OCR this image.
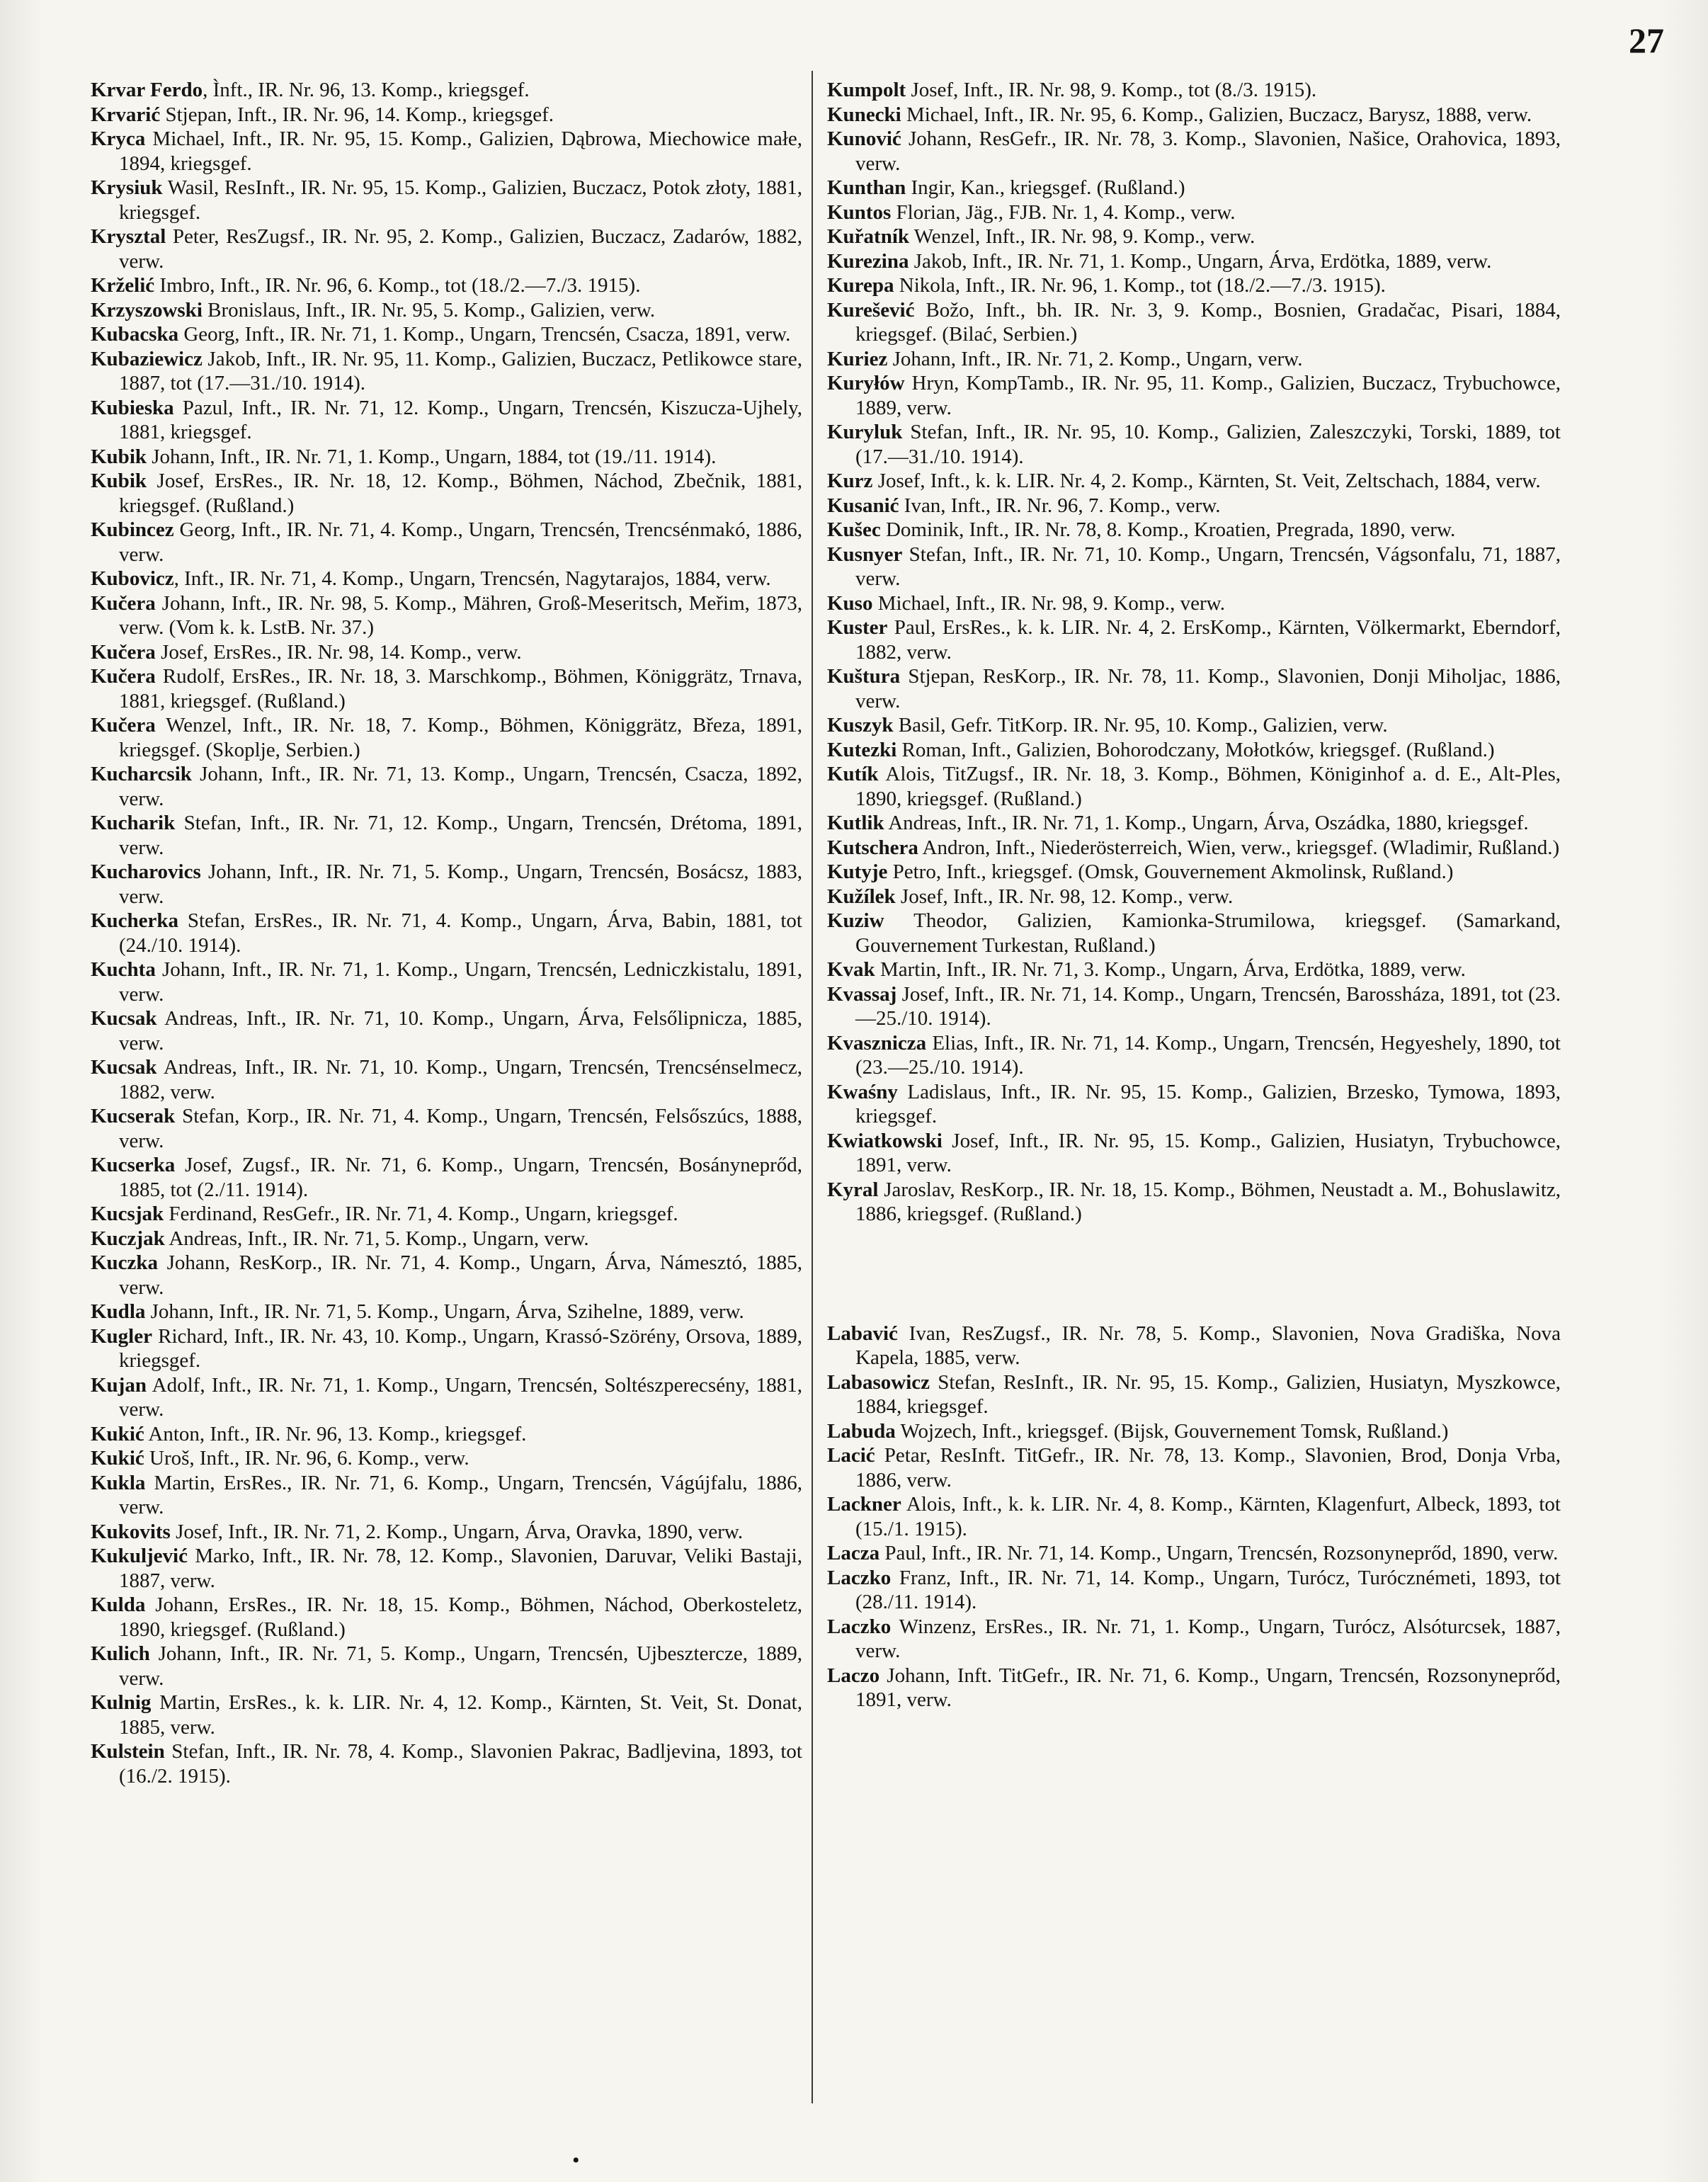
27
Krvar Ferdo, Ìnft., IR. Nr. 96, 13. Komp., kriegsgef.
Krvarić Stjepan, Inft., IR. Nr. 96, 14. Komp., kriegsgef.
Kryca Michael, Inft., IR. Nr. 95, 15. Komp., Galizien, Dąbrowa, Miechowice małe, 1894, kriegsgef.
Krysiuk Wasil, ResInft., IR. Nr. 95, 15. Komp., Galizien, Buczacz, Potok złoty, 1881, kriegsgef.
Krysztal Peter, ResZugsf., IR. Nr. 95, 2. Komp., Galizien, Buczacz, Zadarów, 1882, verw.
Krželić Imbro, Inft., IR. Nr. 96, 6. Komp., tot (18./2.—7./3. 1915).
Krzyszowski Bronislaus, Inft., IR. Nr. 95, 5. Komp., Galizien, verw.
Kubacska Georg, Inft., IR. Nr. 71, 1. Komp., Ungarn, Trencsén, Csacza, 1891, verw.
Kubaziewicz Jakob, Inft., IR. Nr. 95, 11. Komp., Galizien, Buczacz, Petlikowce stare, 1887, tot (17.—31./10. 1914).
Kubieska Pazul, Inft., IR. Nr. 71, 12. Komp., Ungarn, Trencsén, Kiszucza-Ujhely, 1881, kriegsgef.
Kubik Johann, Inft., IR. Nr. 71, 1. Komp., Ungarn, 1884, tot (19./11. 1914).
Kubik Josef, ErsRes., IR. Nr. 18, 12. Komp., Böhmen, Náchod, Zbečnik, 1881, kriegsgef. (Rußland.)
Kubincez Georg, Inft., IR. Nr. 71, 4. Komp., Ungarn, Trencsén, Trencsénmakó, 1886, verw.
Kubovicz, Inft., IR. Nr. 71, 4. Komp., Ungarn, Trencsén, Nagytarajos, 1884, verw.
Kučera Johann, Inft., IR. Nr. 98, 5. Komp., Mähren, Groß-Meseritsch, Meřim, 1873, verw. (Vom k. k. LstB. Nr. 37.)
Kučera Josef, ErsRes., IR. Nr. 98, 14. Komp., verw.
Kučera Rudolf, ErsRes., IR. Nr. 18, 3. Marschkomp., Böhmen, Königgrätz, Trnava, 1881, kriegsgef. (Rußland.)
Kučera Wenzel, Inft., IR. Nr. 18, 7. Komp., Böhmen, Königgrätz, Březa, 1891, kriegsgef. (Skoplje, Serbien.)
Kucharcsik Johann, Inft., IR. Nr. 71, 13. Komp., Ungarn, Trencsén, Csacza, 1892, verw.
Kucharik Stefan, Inft., IR. Nr. 71, 12. Komp., Ungarn, Trencsén, Drétoma, 1891, verw.
Kucharovics Johann, Inft., IR. Nr. 71, 5. Komp., Ungarn, Trencsén, Bosácsz, 1883, verw.
Kucherka Stefan, ErsRes., IR. Nr. 71, 4. Komp., Ungarn, Árva, Babin, 1881, tot (24./10. 1914).
Kuchta Johann, Inft., IR. Nr. 71, 1. Komp., Ungarn, Trencsén, Ledniczkistalu, 1891, verw.
Kucsak Andreas, Inft., IR. Nr. 71, 10. Komp., Ungarn, Árva, Felsőlipnicza, 1885, verw.
Kucsak Andreas, Inft., IR. Nr. 71, 10. Komp., Ungarn, Trencsén, Trencsénselmecz, 1882, verw.
Kucserak Stefan, Korp., IR. Nr. 71, 4. Komp., Ungarn, Trencsén, Felsőszúcs, 1888, verw.
Kucserka Josef, Zugsf., IR. Nr. 71, 6. Komp., Ungarn, Trencsén, Bosányneprőd, 1885, tot (2./11. 1914).
Kucsjak Ferdinand, ResGefr., IR. Nr. 71, 4. Komp., Ungarn, kriegsgef.
Kuczjak Andreas, Inft., IR. Nr. 71, 5. Komp., Ungarn, verw.
Kuczka Johann, ResKorp., IR. Nr. 71, 4. Komp., Ungarn, Árva, Námesztó, 1885, verw.
Kudla Johann, Inft., IR. Nr. 71, 5. Komp., Ungarn, Árva, Szihelne, 1889, verw.
Kugler Richard, Inft., IR. Nr. 43, 10. Komp., Ungarn, Krassó-Szörény, Orsova, 1889, kriegsgef.
Kujan Adolf, Inft., IR. Nr. 71, 1. Komp., Ungarn, Trencsén, Soltészperecsény, 1881, verw.
Kukić Anton, Inft., IR. Nr. 96, 13. Komp., kriegsgef.
Kukić Uroš, Inft., IR. Nr. 96, 6. Komp., verw.
Kukla Martin, ErsRes., IR. Nr. 71, 6. Komp., Ungarn, Trencsén, Vágújfalu, 1886, verw.
Kukovits Josef, Inft., IR. Nr. 71, 2. Komp., Ungarn, Árva, Oravka, 1890, verw.
Kukuljević Marko, Inft., IR. Nr. 78, 12. Komp., Slavonien, Daruvar, Veliki Bastaji, 1887, verw.
Kulda Johann, ErsRes., IR. Nr. 18, 15. Komp., Böhmen, Náchod, Oberkosteletz, 1890, kriegsgef. (Rußland.)
Kulich Johann, Inft., IR. Nr. 71, 5. Komp., Ungarn, Trencsén, Ujbesztercze, 1889, verw.
Kulnig Martin, ErsRes., k. k. LIR. Nr. 4, 12. Komp., Kärnten, St. Veit, St. Donat, 1885, verw.
Kulstein Stefan, Inft., IR. Nr. 78, 4. Komp., Slavonien Pakrac, Badljevina, 1893, tot (16./2. 1915).
Kumpolt Josef, Inft., IR. Nr. 98, 9. Komp., tot (8./3. 1915).
Kunecki Michael, Inft., IR. Nr. 95, 6. Komp., Galizien, Buczacz, Barysz, 1888, verw.
Kunović Johann, ResGefr., IR. Nr. 78, 3. Komp., Slavonien, Našice, Orahovica, 1893, verw.
Kunthan Ingir, Kan., kriegsgef. (Rußland.)
Kuntos Florian, Jäg., FJB. Nr. 1, 4. Komp., verw.
Kuřatník Wenzel, Inft., IR. Nr. 98, 9. Komp., verw.
Kurezina Jakob, Inft., IR. Nr. 71, 1. Komp., Ungarn, Árva, Erdötka, 1889, verw.
Kurepa Nikola, Inft., IR. Nr. 96, 1. Komp., tot (18./2.—7./3. 1915).
Kurešević Božo, Inft., bh. IR. Nr. 3, 9. Komp., Bosnien, Gradačac, Pisari, 1884, kriegsgef. (Bilać, Serbien.)
Kuriez Johann, Inft., IR. Nr. 71, 2. Komp., Ungarn, verw.
Kuryłów Hryn, KompTamb., IR. Nr. 95, 11. Komp., Galizien, Buczacz, Trybuchowce, 1889, verw.
Kuryluk Stefan, Inft., IR. Nr. 95, 10. Komp., Galizien, Zaleszczyki, Torski, 1889, tot (17.—31./10. 1914).
Kurz Josef, Inft., k. k. LIR. Nr. 4, 2. Komp., Kärnten, St. Veit, Zeltschach, 1884, verw.
Kusanić Ivan, Inft., IR. Nr. 96, 7. Komp., verw.
Kušec Dominik, Inft., IR. Nr. 78, 8. Komp., Kroatien, Pregrada, 1890, verw.
Kusnyer Stefan, Inft., IR. Nr. 71, 10. Komp., Ungarn, Trencsén, Vágsonfalu, 71, 1887, verw.
Kuso Michael, Inft., IR. Nr. 98, 9. Komp., verw.
Kuster Paul, ErsRes., k. k. LIR. Nr. 4, 2. ErsKomp., Kärnten, Völkermarkt, Eberndorf, 1882, verw.
Kuštura Stjepan, ResKorp., IR. Nr. 78, 11. Komp., Slavonien, Donji Miholjac, 1886, verw.
Kuszyk Basil, Gefr. TitKorp. IR. Nr. 95, 10. Komp., Galizien, verw.
Kutezki Roman, Inft., Galizien, Bohorodczany, Mołotków, kriegsgef. (Rußland.)
Kutík Alois, TitZugsf., IR. Nr. 18, 3. Komp., Böhmen, Königinhof a. d. E., Alt-Ples, 1890, kriegsgef. (Rußland.)
Kutlik Andreas, Inft., IR. Nr. 71, 1. Komp., Ungarn, Árva, Oszádka, 1880, kriegsgef.
Kutschera Andron, Inft., Niederösterreich, Wien, verw., kriegsgef. (Wladimir, Rußland.)
Kutyje Petro, Inft., kriegsgef. (Omsk, Gouvernement Akmolinsk, Rußland.)
Kužílek Josef, Inft., IR. Nr. 98, 12. Komp., verw.
Kuziw Theodor, Galizien, Kamionka-Strumilowa, kriegsgef. (Samarkand, Gouvernement Turkestan, Rußland.)
Kvak Martin, Inft., IR. Nr. 71, 3. Komp., Ungarn, Árva, Erdötka, 1889, verw.
Kvassaj Josef, Inft., IR. Nr. 71, 14. Komp., Ungarn, Trencsén, Barossháza, 1891, tot (23.—25./10. 1914).
Kvasznicza Elias, Inft., IR. Nr. 71, 14. Komp., Ungarn, Trencsén, Hegyeshely, 1890, tot (23.—25./10. 1914).
Kwaśny Ladislaus, Inft., IR. Nr. 95, 15. Komp., Galizien, Brzesko, Tymowa, 1893, kriegsgef.
Kwiatkowski Josef, Inft., IR. Nr. 95, 15. Komp., Galizien, Husiatyn, Trybuchowce, 1891, verw.
Kyral Jaroslav, ResKorp., IR. Nr. 18, 15. Komp., Böhmen, Neustadt a. M., Bohuslawitz, 1886, kriegsgef. (Rußland.)
Labavić Ivan, ResZugsf., IR. Nr. 78, 5. Komp., Slavonien, Nova Gradiška, Nova Kapela, 1885, verw.
Labasowicz Stefan, ResInft., IR. Nr. 95, 15. Komp., Galizien, Husiatyn, Myszkowce, 1884, kriegsgef.
Labuda Wojzech, Inft., kriegsgef. (Bijsk, Gouvernement Tomsk, Rußland.)
Lacić Petar, ResInft. TitGefr., IR. Nr. 78, 13. Komp., Slavonien, Brod, Donja Vrba, 1886, verw.
Lackner Alois, Inft., k. k. LIR. Nr. 4, 8. Komp., Kärnten, Klagenfurt, Albeck, 1893, tot (15./1. 1915).
Lacza Paul, Inft., IR. Nr. 71, 14. Komp., Ungarn, Trencsén, Rozsonyneprőd, 1890, verw.
Laczko Franz, Inft., IR. Nr. 71, 14. Komp., Ungarn, Turócz, Turócznémeti, 1893, tot (28./11. 1914).
Laczko Winzenz, ErsRes., IR. Nr. 71, 1. Komp., Ungarn, Turócz, Alsóturcsek, 1887, verw.
Laczo Johann, Inft. TitGefr., IR. Nr. 71, 6. Komp., Ungarn, Trencsén, Rozsonyneprőd, 1891, verw.
•
